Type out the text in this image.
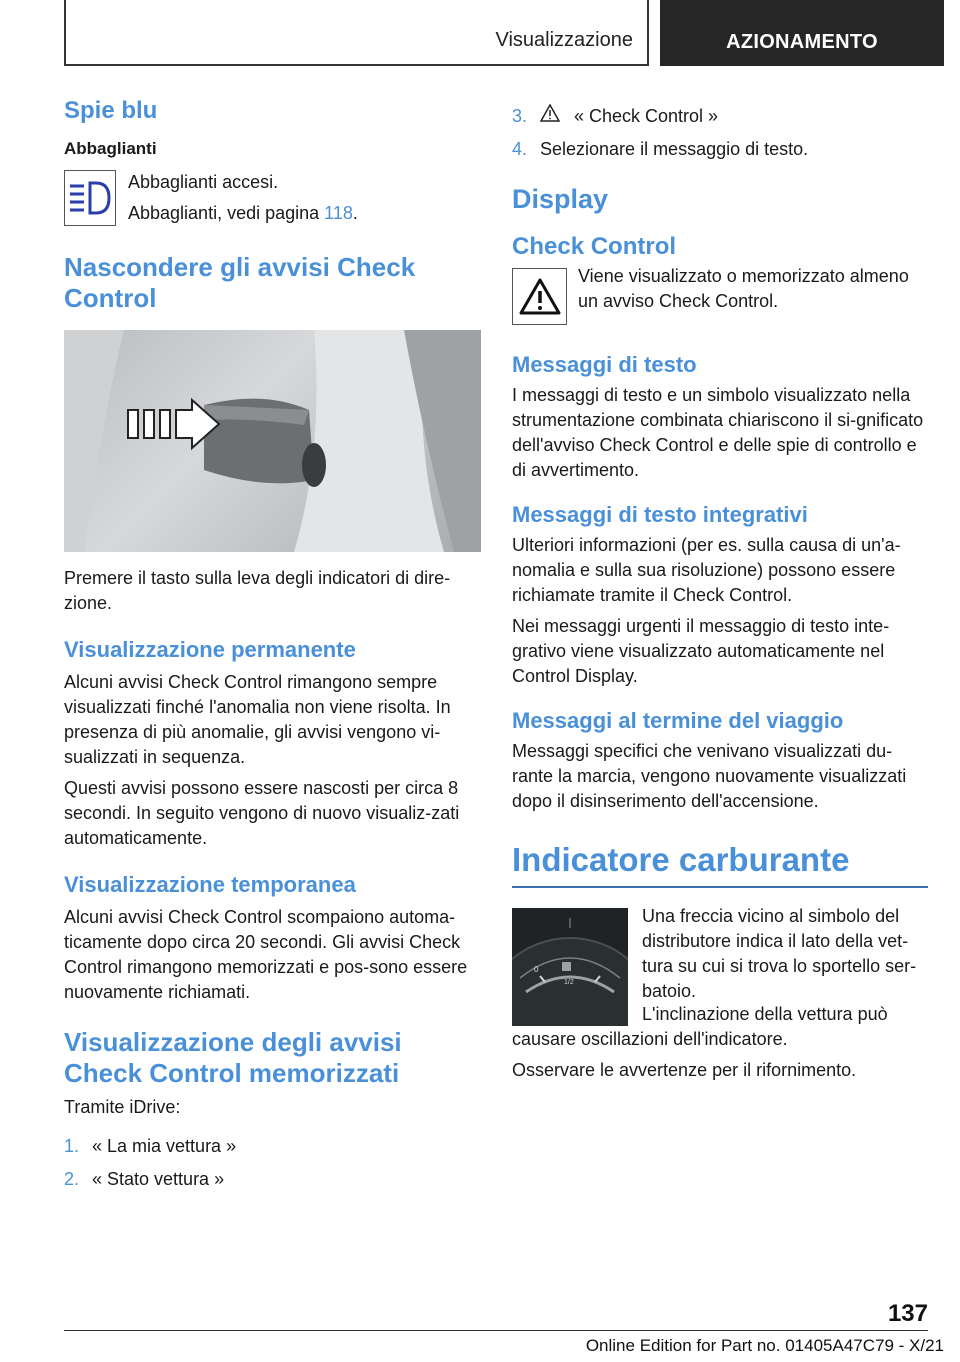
Visualizzazione	AZIONAMENTO
Spie blu
Abbaglianti

Abbaglianti accesi.

Abbaglianti, vedi pagina 118.

Nascondere gli avvisi Check Control

Premere il tasto sulla leva degli indicatori di dire-zione.

Visualizzazione permanente

Alcuni avvisi Check Control rimangono sempre visualizzati finché l'anomalia non viene risolta. In presenza di più anomalie, gli avvisi vengono vi-sualizzati in sequenza.

Questi avvisi possono essere nascosti per circa 8 secondi. In seguito vengono di nuovo visualiz-zati automaticamente.

Visualizzazione temporanea

Alcuni avvisi Check Control scompaiono automa-ticamente dopo circa 20 secondi. Gli avvisi Check Control rimangono memorizzati e pos-sono essere nuovamente richiamati.

Visualizzazione degli avvisi Check Control memorizzati

Tramite iDrive:

1. « La mia vettura »
2. « Stato vettura »
3.	« Check Control »
4. Selezionare il messaggio di testo.
Display
Check Control

Viene visualizzato o memorizzato almeno un avviso Check Control.

Messaggi di testo

I messaggi di testo e un simbolo visualizzato nella strumentazione combinata chiariscono il si-gnificato dell'avviso Check Control e delle spie di controllo e di avvertimento.

Messaggi di testo integrativi

Ulteriori informazioni (per es. sulla causa di un'a-nomalia e sulla sua risoluzione) possono essere richiamate tramite il Check Control.

Nei messaggi urgenti il messaggio di testo inte-grativo viene visualizzato automaticamente nel Control Display.

Messaggi al termine del viaggio

Messaggi specifici che venivano visualizzati du-rante la marcia, vengono nuovamente visualizzati dopo il disinserimento dell'accensione.

Indicatore carburante
0
1/2

Una freccia vicino al simbolo del distributore indica il lato della vet-tura su cui si trova lo sportello ser-batoio.

L'inclinazione della vettura può causare oscillazioni dell'indicatore.

Osservare le avvertenze per il rifornimento.

137
Online Edition for Part no. 01405A47C79 - X/21
